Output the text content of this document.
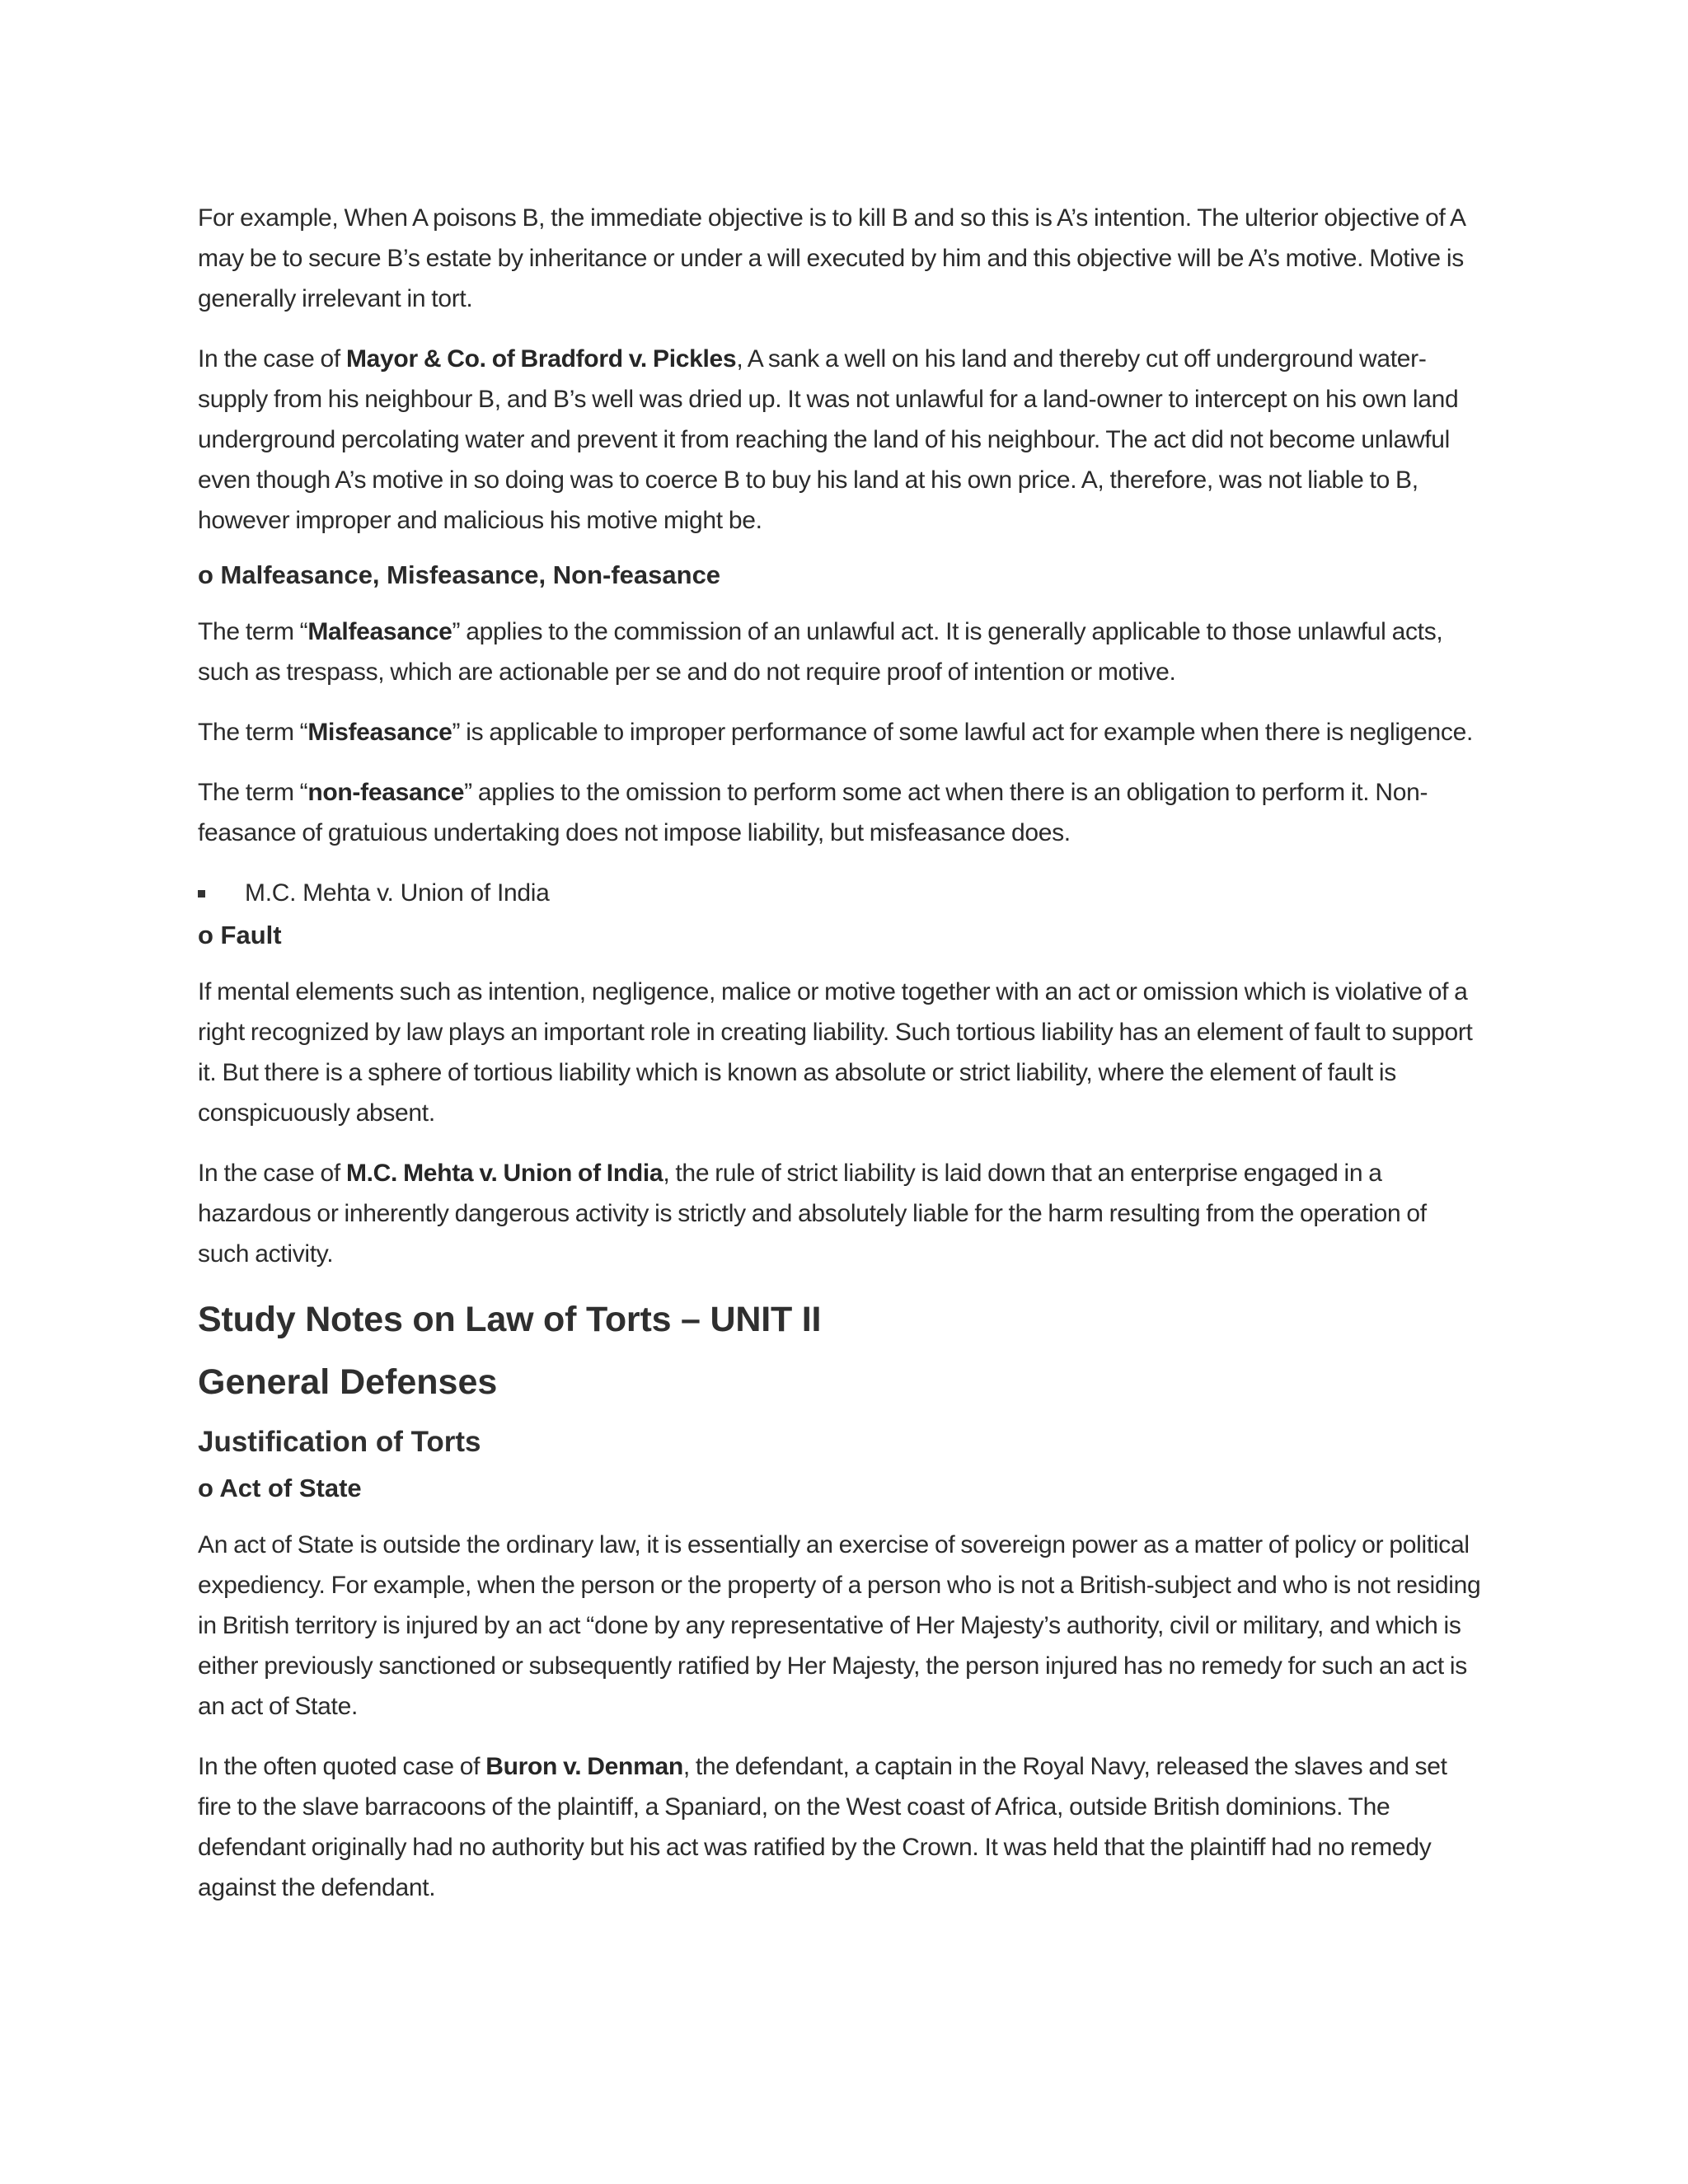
For example, When A poisons B, the immediate objective is to kill B and so this is A’s intention. The ulterior objective of A may be to secure B’s estate by inheritance or under a will executed by him and this objective will be A’s motive. Motive is generally irrelevant in tort.

In the case of Mayor & Co. of Bradford v. Pickles, A sank a well on his land and thereby cut off underground water-supply from his neighbour B, and B’s well was dried up. It was not unlawful for a land-owner to intercept on his own land underground percolating water and prevent it from reaching the land of his neighbour. The act did not become unlawful even though A’s motive in so doing was to coerce B to buy his land at his own price. A, therefore, was not liable to B, however improper and malicious his motive might be.

o Malfeasance, Misfeasance, Non-feasance

The term “Malfeasance” applies to the commission of an unlawful act. It is generally applicable to those unlawful acts, such as trespass, which are actionable per se and do not require proof of intention or motive.

The term “Misfeasance” is applicable to improper performance of some lawful act for example when there is negligence.

The term “non-feasance” applies to the omission to perform some act when there is an obligation to perform it. Non-feasance of gratuious undertaking does not impose liability, but misfeasance does.

M.C. Mehta v. Union of India
o Fault

If mental elements such as intention, negligence, malice or motive together with an act or omission which is violative of a right recognized by law plays an important role in creating liability. Such tortious liability has an element of fault to support it. But there is a sphere of tortious liability which is known as absolute or strict liability, where the element of fault is conspicuously absent.

In the case of M.C. Mehta v. Union of India, the rule of strict liability is laid down that an enterprise engaged in a hazardous or inherently dangerous activity is strictly and absolutely liable for the harm resulting from the operation of such activity.

Study Notes on Law of Torts – UNIT II
General Defenses
Justification of Torts
o Act of State

An act of State is outside the ordinary law, it is essentially an exercise of sovereign power as a matter of policy or political expediency. For example, when the person or the property of a person who is not a British-subject and who is not residing in British territory is injured by an act “done by any representative of Her Majesty’s authority, civil or military, and which is either previously sanctioned or subsequently ratified by Her Majesty, the person injured has no remedy for such an act is an act of State.

In the often quoted case of Buron v. Denman, the defendant, a captain in the Royal Navy, released the slaves and set fire to the slave barracoons of the plaintiff, a Spaniard, on the West coast of Africa, outside British dominions. The defendant originally had no authority but his act was ratified by the Crown. It was held that the plaintiff had no remedy against the defendant.
